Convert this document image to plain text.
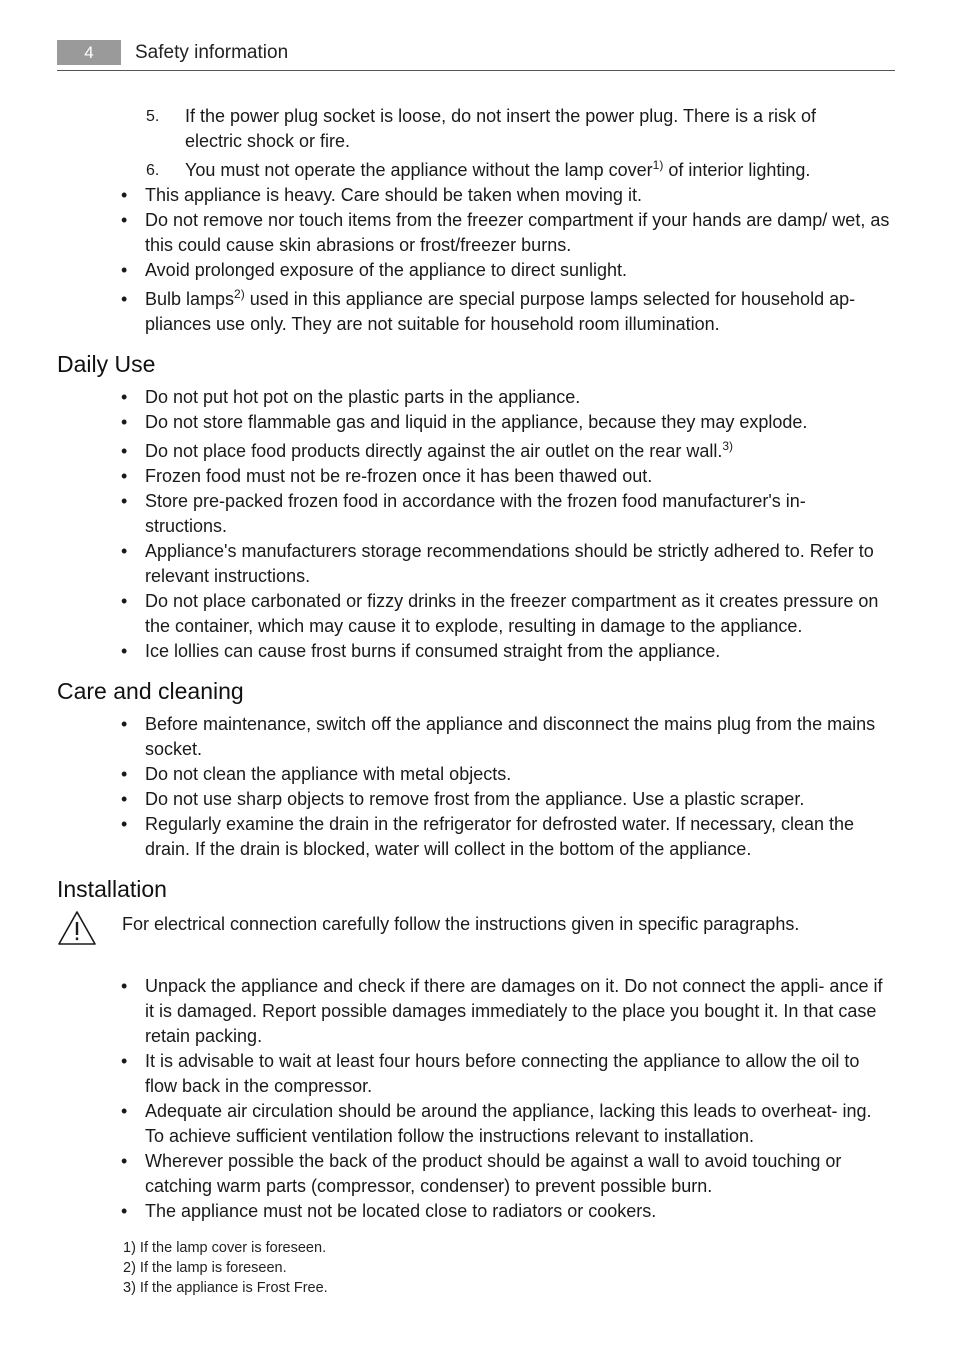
4	Safety information
5. If the power plug socket is loose, do not insert the power plug. There is a risk of electric shock or fire.
6. You must not operate the appliance without the lamp cover$^{1)}$ of interior lighting.
• This appliance is heavy. Care should be taken when moving it.
• Do not remove nor touch items from the freezer compartment if your hands are damp/ wet, as this could cause skin abrasions or frost/freezer burns.
• Avoid prolonged exposure of the appliance to direct sunlight.
• Bulb lamps$^{2)}$ used in this appliance are special purpose lamps selected for household ap- pliances use only. They are not suitable for household room illumination.
Daily Use
• Do not put hot pot on the plastic parts in the appliance.
• Do not store flammable gas and liquid in the appliance, because they may explode.
• Do not place food products directly against the air outlet on the rear wall.$^{3)}$
• Frozen food must not be re-frozen once it has been thawed out.
• Store pre-packed frozen food in accordance with the frozen food manufacturer's in- structions.
• Appliance's manufacturers storage recommendations should be strictly adhered to. Refer to relevant instructions.
• Do not place carbonated or fizzy drinks in the freezer compartment as it creates pressure on the container, which may cause it to explode, resulting in damage to the appliance.
• Ice lollies can cause frost burns if consumed straight from the appliance.
Care and cleaning
• Before maintenance, switch off the appliance and disconnect the mains plug from the mains socket.
• Do not clean the appliance with metal objects.
• Do not use sharp objects to remove frost from the appliance. Use a plastic scraper.
• Regularly examine the drain in the refrigerator for defrosted water. If necessary, clean the drain. If the drain is blocked, water will collect in the bottom of the appliance.
Installation
For electrical connection carefully follow the instructions given in specific paragraphs.
• Unpack the appliance and check if there are damages on it. Do not connect the appli- ance if it is damaged. Report possible damages immediately to the place you bought it. In that case retain packing.
• It is advisable to wait at least four hours before connecting the appliance to allow the oil to flow back in the compressor.
• Adequate air circulation should be around the appliance, lacking this leads to overheat- ing. To achieve sufficient ventilation follow the instructions relevant to installation.
• Wherever possible the back of the product should be against a wall to avoid touching or catching warm parts (compressor, condenser) to prevent possible burn.
• The appliance must not be located close to radiators or cookers.
1) If the lamp cover is foreseen.
2) If the lamp is foreseen.
3) If the appliance is Frost Free.
